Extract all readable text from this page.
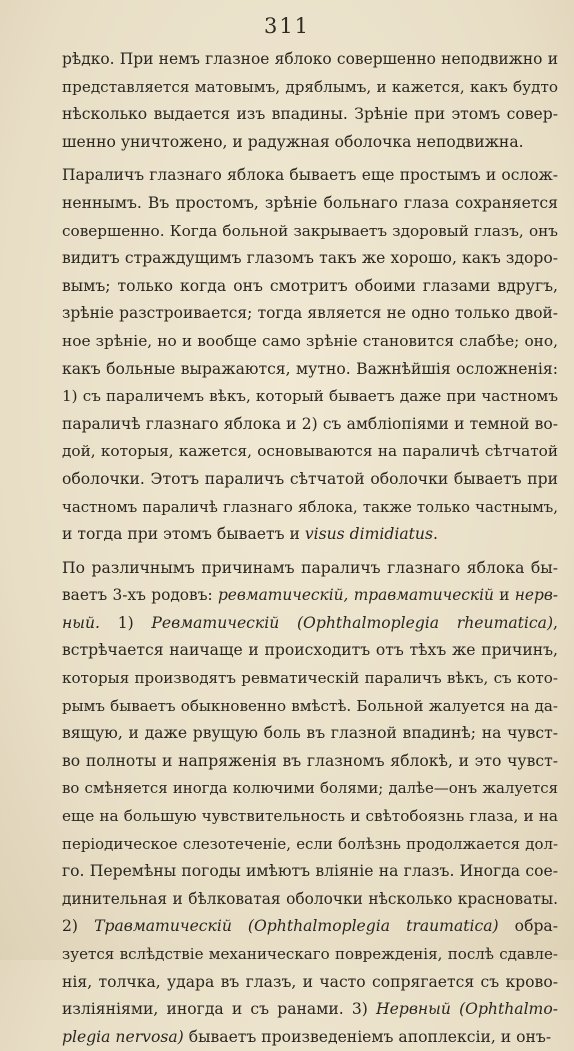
311
рѣдко. При немъ глазное яблоко совершенно неподвижно и
представляется матовымъ, дряблымъ, и кажется, какъ будто
нѣсколько выдается изъ впадины. Зрѣніе при этомъ совер-
шенно уничтожено, и радужная оболочка неподвижна.
Параличъ глазнаго яблока бываетъ еще простымъ и ослож-
неннымъ. Въ простомъ, зрѣніе больнаго глаза сохраняется
совершенно. Когда больной закрываетъ здоровый глазъ, онъ
видитъ страждущимъ глазомъ такъ же хорошо, какъ здоро-
вымъ; только когда онъ смотритъ обоими глазами вдругъ,
зрѣніе разстроивается; тогда является не одно только двой-
ное зрѣніе, но и вообще само зрѣніе становится слабѣе; оно,
какъ больные выражаются, мутно. Важнѣйшія осложненія:
1) съ параличемъ вѣкъ, который бываетъ даже при частномъ
параличѣ глазнаго яблока и 2) съ амбліопіями и темной во-
дой, которыя, кажется, основываются на параличѣ сѣтчатой
оболочки. Этотъ параличъ сѣтчатой оболочки бываетъ при
частномъ параличѣ глазнаго яблока, также только частнымъ,
и тогда при этомъ бываетъ и visus dimidiatus.
По различнымъ причинамъ параличъ глазнаго яблока бы-
ваетъ 3-хъ родовъ: ревматическій, травматическій и нерв-
ный. 1) Ревматическій (Ophthalmoplegia rheumatica),
встрѣчается наичаще и происходитъ отъ тѣхъ же причинъ,
которыя производятъ ревматическій параличъ вѣкъ, съ кото-
рымъ бываетъ обыкновенно вмѣстѣ. Больной жалуется на да-
вящую, и даже рвущую боль въ глазной впадинѣ; на чувст-
во полноты и напряженія въ глазномъ яблокѣ, и это чувст-
во смѣняется иногда колючими болями; далѣе—онъ жалуется
еще на большую чувствительность и свѣтобоязнь глаза, и на
періодическое слезотеченіе, если болѣзнь продолжается дол-
го. Перемѣны погоды имѣютъ вліяніе на глазъ. Иногда сое-
динительная и бѣлковатая оболочки нѣсколько красноваты.
2) Травматическій (Ophthalmoplegia traumatica) обра-
зуется вслѣдствіе механическаго поврежденія, послѣ сдавле-
нія, толчка, удара въ глазъ, и часто сопрягается съ крово-
изліяніями, иногда и съ ранами. 3) Нервный (Ophthalmo-
plegia nervosa) бываетъ произведеніемъ апоплексіи, и онъ-
